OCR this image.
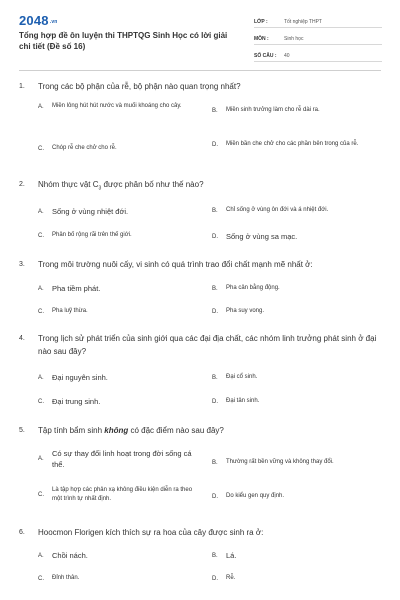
2048.vn
Tổng hợp đề ôn luyện thi THPTQG Sinh Học có lời giải chi tiết (Đề số 16)
LỚP :	Tốt nghiệp THPT
MÔN :	Sinh học
SỐ CÂU :	40
1.	Trong các bộ phận của rễ, bộ phận nào quan trọng nhất?
A.	Miền lông hút hút nước và muối khoáng cho cây.
B.	Miền sinh trưởng làm cho rễ dài ra.
C.	Chóp rễ che chở cho rễ.
D.	Miền bần che chở cho các phần bên trong của rễ.
2.	Nhóm thực vật $C_3$ được phân bố như thế nào?
A.	Sống ở vùng nhiệt đới.	B.	Chỉ sống ở vùng ôn đới và á nhiệt đới.
C.	Phân bố rộng rãi trên thế giới.	D.	Sống ở vùng sa mạc.
3.	Trong môi trường nuôi cấy, vi sinh có quá trình trao đổi chất mạnh mẽ nhất ở:
A.	Pha tiềm phát.	B.	Pha cân bằng động.
C.	Pha luỹ thừa.	D.	Pha suy vong.
4.	Trong lịch sử phát triển của sinh giới qua các đại địa chất, các nhóm linh trưởng phát sinh ở đại nào sau đây?
A.	Đại nguyên sinh.	B.	Đại cổ sinh.
C.	Đại trung sinh.	D.	Đại tân sinh.
5.	Tập tính bẩm sinh không có đặc điểm nào sau đây?
A.
Có sự thay đổi linh hoạt trong đời sống cá thể.	B.	Thường rất bền vững và không thay đổi.
C.
Là tập hợp các phản xạ không điều kiện diễn ra theo một trình tự nhất định.	D.	Do kiểu gen quy định.
6.	Hoocmon Florigen kích thích sự ra hoa của cây được sinh ra ở:
A.	Chồi nách.	B.	Lá.
C.	Đỉnh thân.	D.	Rễ.
